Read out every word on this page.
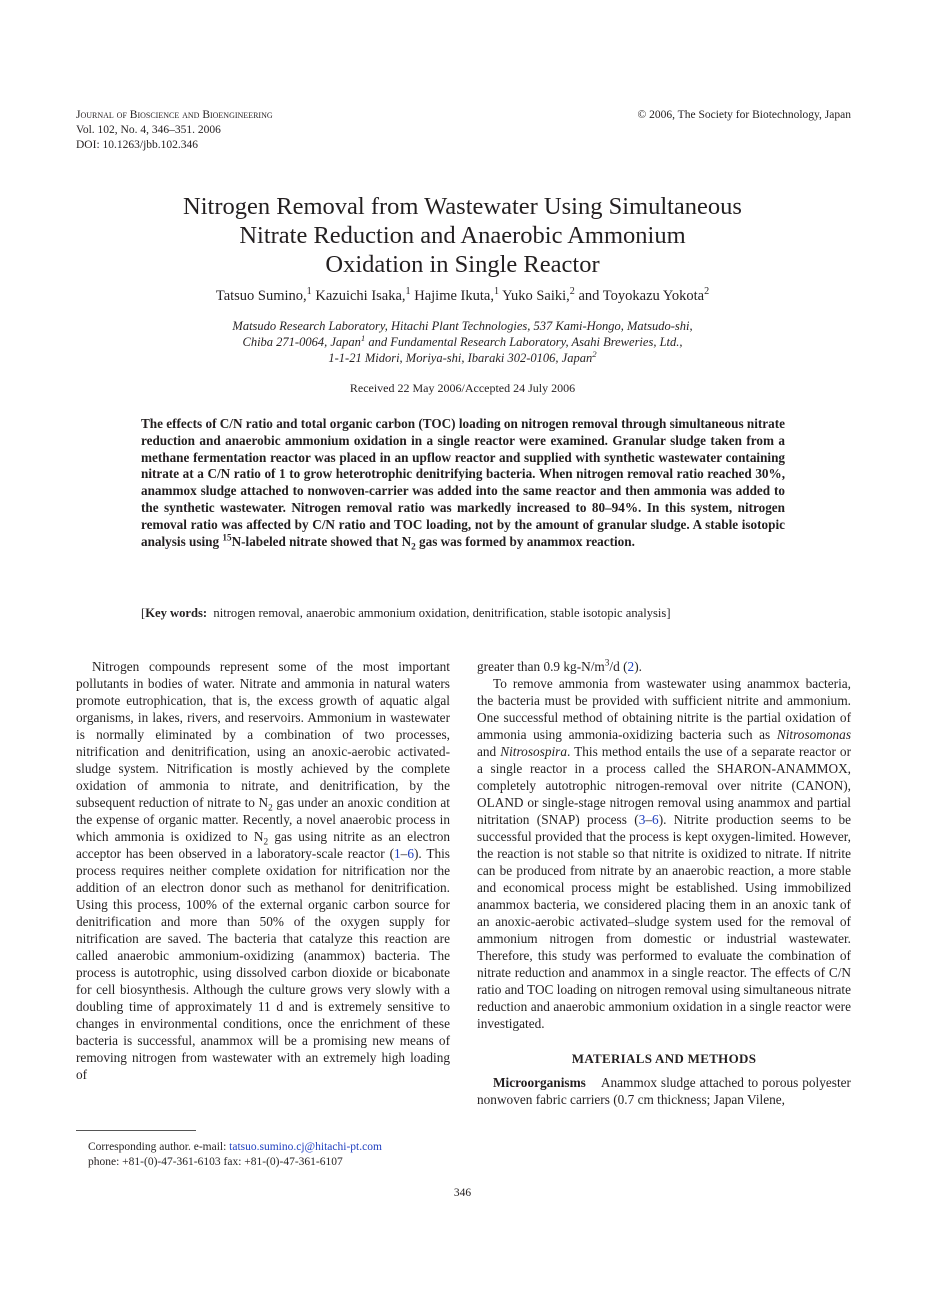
Journal of Bioscience and Bioengineering
Vol. 102, No. 4, 346–351. 2006
DOI: 10.1263/jbb.102.346
© 2006, The Society for Biotechnology, Japan
Nitrogen Removal from Wastewater Using Simultaneous
Nitrate Reduction and Anaerobic Ammonium
Oxidation in Single Reactor
Tatsuo Sumino,$^1$ Kazuichi Isaka,$^1$ Hajime Ikuta,$^1$ Yuko Saiki,$^2$ and Toyokazu Yokota$^2$
Matsudo Research Laboratory, Hitachi Plant Technologies, 537 Kami-Hongo, Matsudo-shi,
Chiba 271-0064, Japan$^1$ and Fundamental Research Laboratory, Asahi Breweries, Ltd.,
1-1-21 Midori, Moriya-shi, Ibaraki 302-0106, Japan$^2$
Received 22 May 2006/Accepted 24 July 2006
The effects of C/N ratio and total organic carbon (TOC) loading on nitrogen removal through simultaneous nitrate reduction and anaerobic ammonium oxidation in a single reactor were examined. Granular sludge taken from a methane fermentation reactor was placed in an upflow reactor and supplied with synthetic wastewater containing nitrate at a C/N ratio of 1 to grow heterotrophic denitrifying bacteria. When nitrogen removal ratio reached 30%, anammox sludge attached to nonwoven-carrier was added into the same reactor and then ammonia was added to the synthetic wastewater. Nitrogen removal ratio was markedly increased to 80–94%. In this system, nitrogen removal ratio was affected by C/N ratio and TOC loading, not by the amount of granular sludge. A stable isotopic analysis using $^{15}$N-labeled nitrate showed that $N_2$ gas was formed by anammox reaction.
[Key words: nitrogen removal, anaerobic ammonium oxidation, denitrification, stable isotopic analysis]

Nitrogen compounds represent some of the most important pollutants in bodies of water. Nitrate and ammonia in natural waters promote eutrophication, that is, the excess growth of aquatic algal organisms, in lakes, rivers, and reservoirs. Ammonium in wastewater is normally eliminated by a combination of two processes, nitrification and denitrification, using an anoxic-aerobic activated-sludge system. Nitrification is mostly achieved by the complete oxidation of ammonia to nitrate, and denitrification, by the subsequent reduction of nitrate to $N_2$ gas under an anoxic condition at the expense of organic matter. Recently, a novel anaerobic process in which ammonia is oxidized to $N_2$ gas using nitrite as an electron acceptor has been observed in a laboratory-scale reactor (1–6). This process requires neither complete oxidation for nitrification nor the addition of an electron donor such as methanol for denitrification. Using this process, 100% of the external organic carbon source for denitrification and more than 50% of the oxygen supply for nitrification are saved. The bacteria that catalyze this reaction are called anaerobic ammonium-oxidizing (anammox) bacteria. The process is autotrophic, using dissolved carbon dioxide or bicabonate for cell biosynthesis. Although the culture grows very slowly with a doubling time of approximately 11 d and is extremely sensitive to changes in environmental conditions, once the enrichment of these bacteria is successful, anammox will be a promising new means of removing nitrogen from wastewater with an extremely high loading of

greater than 0.9 $kg-N/m^3/d$ (2).

To remove ammonia from wastewater using anammox bacteria, the bacteria must be provided with sufficient nitrite and ammonium. One successful method of obtaining nitrite is the partial oxidation of ammonia using ammonia-oxidizing bacteria such as Nitrosomonas and Nitrosospira. This method entails the use of a separate reactor or a single reactor in a process called the SHARON-ANAMMOX, completely autotrophic nitrogen-removal over nitrite (CANON), OLAND or single-stage nitrogen removal using anammox and partial nitritation (SNAP) process (3–6). Nitrite production seems to be successful provided that the process is kept oxygen-limited. However, the reaction is not stable so that nitrite is oxidized to nitrate. If nitrite can be produced from nitrate by an anaerobic reaction, a more stable and economical process might be established. Using immobilized anammox bacteria, we considered placing them in an anoxic tank of an anoxic-aerobic activated–sludge system used for the removal of ammonium nitrogen from domestic or industrial wastewater. Therefore, this study was performed to evaluate the combination of nitrate reduction and anammox in a single reactor. The effects of C/N ratio and TOC loading on nitrogen removal using simultaneous nitrate reduction and anaerobic ammonium oxidation in a single reactor were investigated.

MATERIALS AND METHODS

Microorganisms Anammox sludge attached to porous polyester nonwoven fabric carriers (0.7 cm thickness; Japan Vilene,

Corresponding author. e-mail: tatsuo.sumino.cj@hitachi-pt.com
phone: +81-(0)-47-361-6103 fax: +81-(0)-47-361-6107
346
